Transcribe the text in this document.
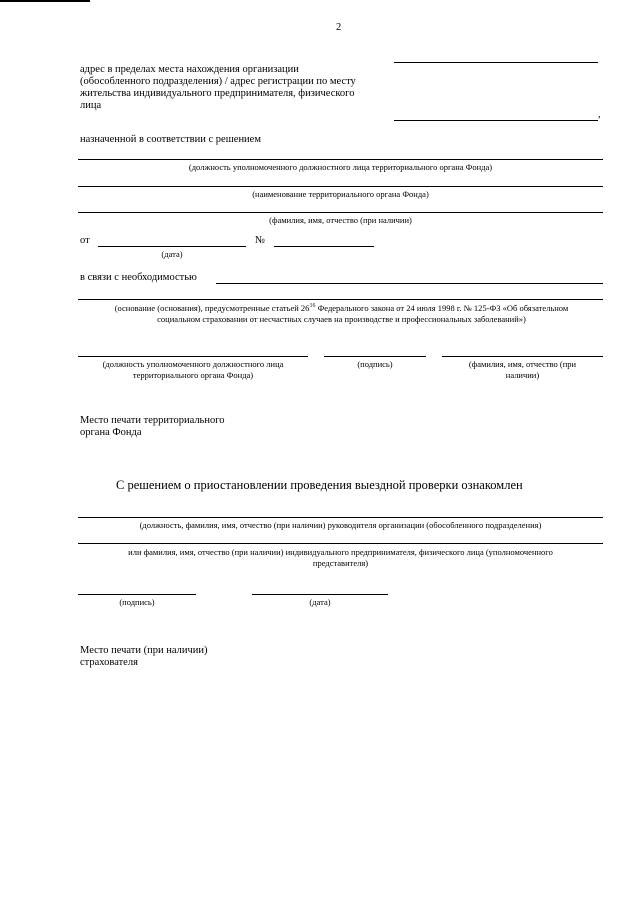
2
адрес в пределах места нахождения организации
(обособленного подразделения) / адрес регистрации по месту
жительства индивидуального предпринимателя, физического
лица
,
назначенной в соответствии с решением
(должность уполномоченного должностного лица территориального органа Фонда)
(наименование территориального органа Фонда)
(фамилия, имя, отчество (при наличии)
от	№
(дата)
в связи с необходимостью
(основание (основания), предусмотренные статьей $26^{16}$ Федерального закона от 24 июля 1998 г. № 125-ФЗ «Об обязательном
социальном страховании от несчастных случаев на производстве и профессиональных заболеваний»)
(должность уполномоченного должностного лица
территориального органа Фонда)
(подпись)	(фамилия, имя, отчество (при
наличии)
Место печати территориального
органа Фонда
С решением о приостановлении проведения выездной проверки ознакомлен
(должность, фамилия, имя, отчество (при наличии) руководителя организации (обособленного подразделения)
или фамилия, имя, отчество (при наличии) индивидуального предпринимателя, физического лица (уполномоченного
представителя)
(подпись)	(дата)
Место печати (при наличии)
страхователя
